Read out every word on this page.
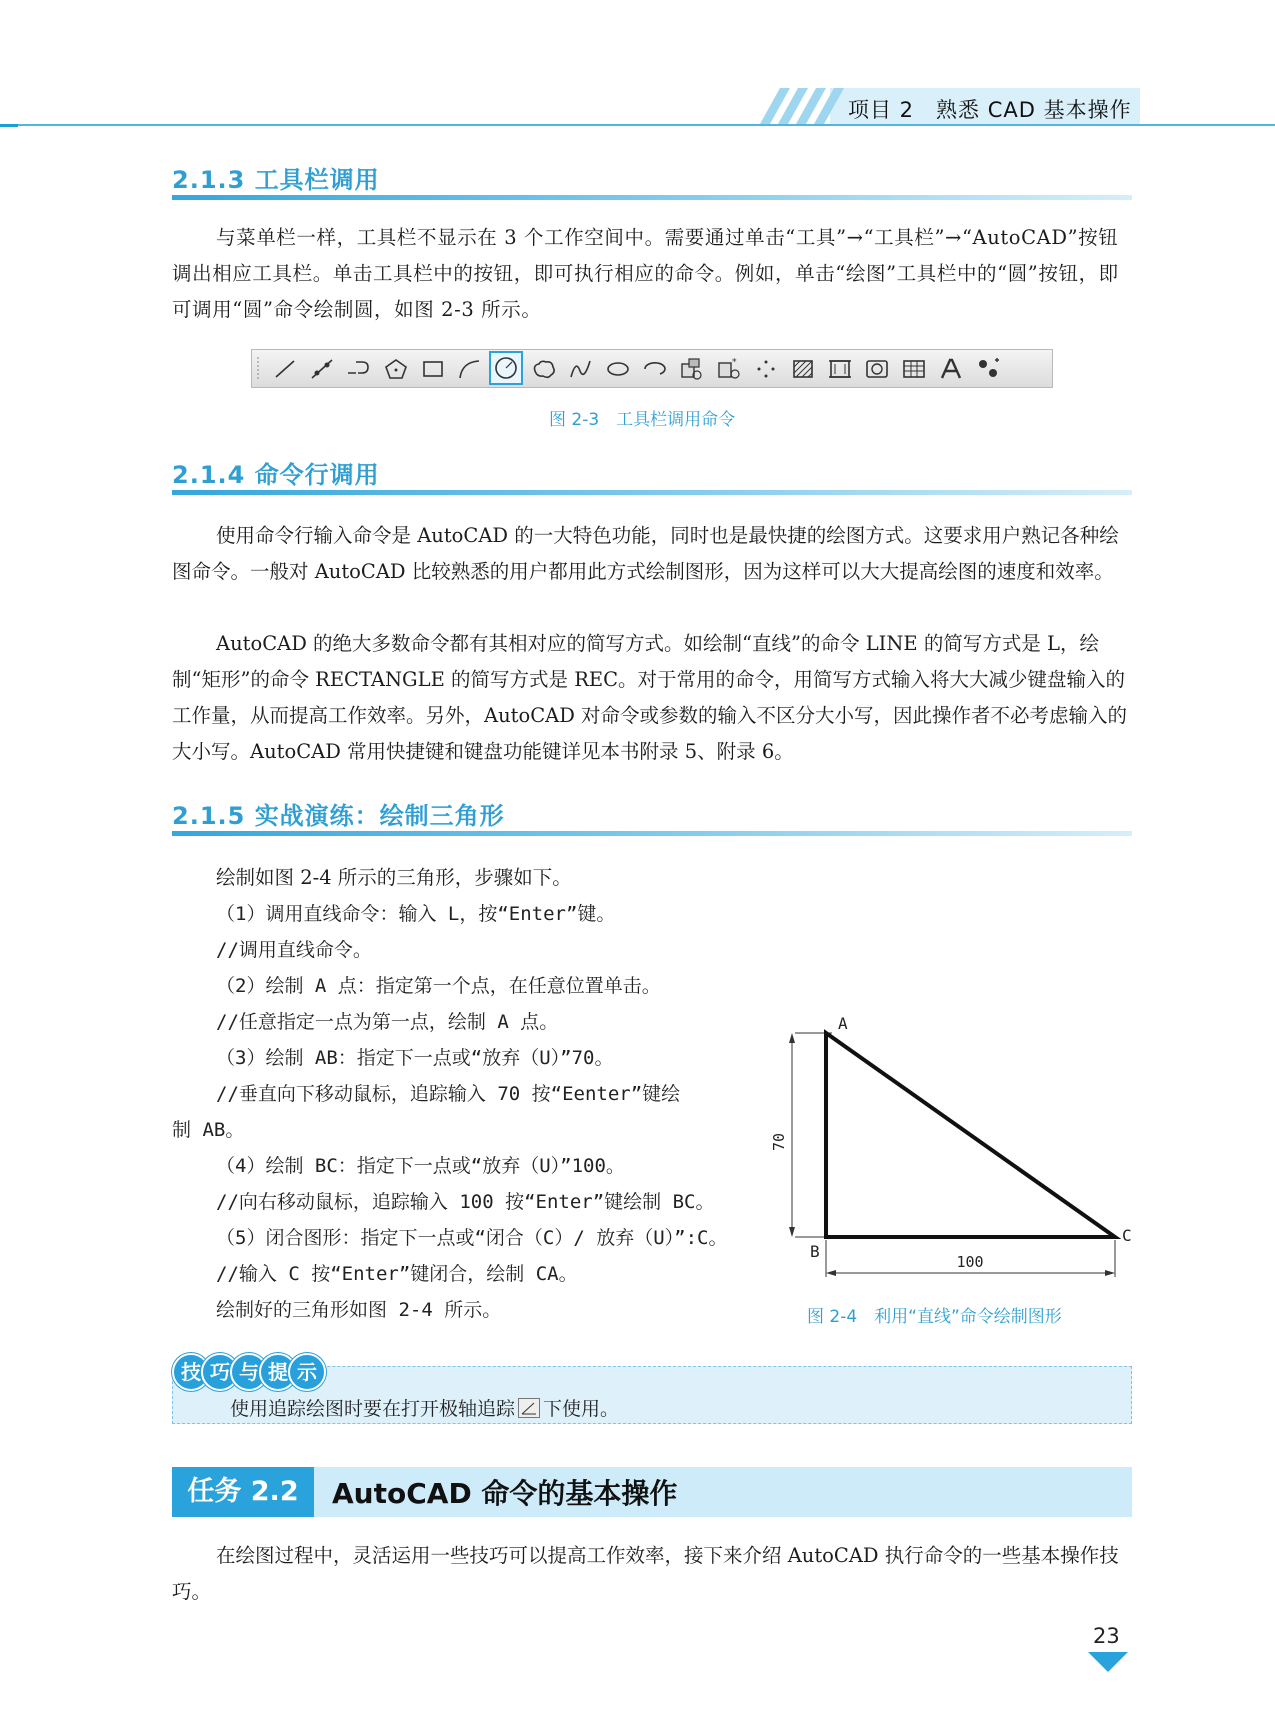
项目 2　熟悉 CAD 基本操作
2.1.3 工具栏调用
与菜单栏一样，工具栏不显示在 3 个工作空间中。需要通过单击“工具”→“工具栏”→“AutoCAD”按钮调出相应工具栏。单击工具栏中的按钮，即可执行相应的命令。例如，单击“绘图”工具栏中的“圆”按钮，即可调用“圆”命令绘制圆，如图 2-3 所示。
*
图 2-3　工具栏调用命令
2.1.4 命令行调用
使用命令行输入命令是 AutoCAD 的一大特色功能，同时也是最快捷的绘图方式。这要求用户熟记各种绘图命令。一般对 AutoCAD 比较熟悉的用户都用此方式绘制图形，因为这样可以大大提高绘图的速度和效率。
AutoCAD 的绝大多数命令都有其相对应的简写方式。如绘制“直线”的命令 LINE 的简写方式是 L，绘制“矩形”的命令 RECTANGLE 的简写方式是 REC。对于常用的命令，用简写方式输入将大大减少键盘输入的工作量，从而提高工作效率。另外，AutoCAD 对命令或参数的输入不区分大小写，因此操作者不必考虑输入的大小写。AutoCAD 常用快捷键和键盘功能键详见本书附录 5、附录 6。
2.1.5 实战演练：绘制三角形
绘制如图 2-4 所示的三角形，步骤如下。
（1）调用直线命令：输入 L，按“Enter”键。
//调用直线命令。
（2）绘制 A 点：指定第一个点，在任意位置单击。
//任意指定一点为第一点，绘制 A 点。
（3）绘制 AB：指定下一点或“放弃（U）”70。
//垂直向下移动鼠标，追踪输入 70 按“Eenter”键绘
制 AB。
（4）绘制 BC：指定下一点或“放弃（U）”100。
//向右移动鼠标，追踪输入 100 按“Enter”键绘制 BC。
（5）闭合图形：指定下一点或“闭合（C）/ 放弃（U）”:C。
//输入 C 按“Enter”键闭合，绘制 CA。
绘制好的三角形如图 2-4 所示。
A
B
C
70
100
图 2-4　利用“直线”命令绘制图形
技 巧 与 提 示
使用追踪绘图时要在打开极轴追踪 下使用。
任务 2.2	AutoCAD 命令的基本操作
在绘图过程中，灵活运用一些技巧可以提高工作效率，接下来介绍 AutoCAD 执行命令的一些基本操作技巧。
23
